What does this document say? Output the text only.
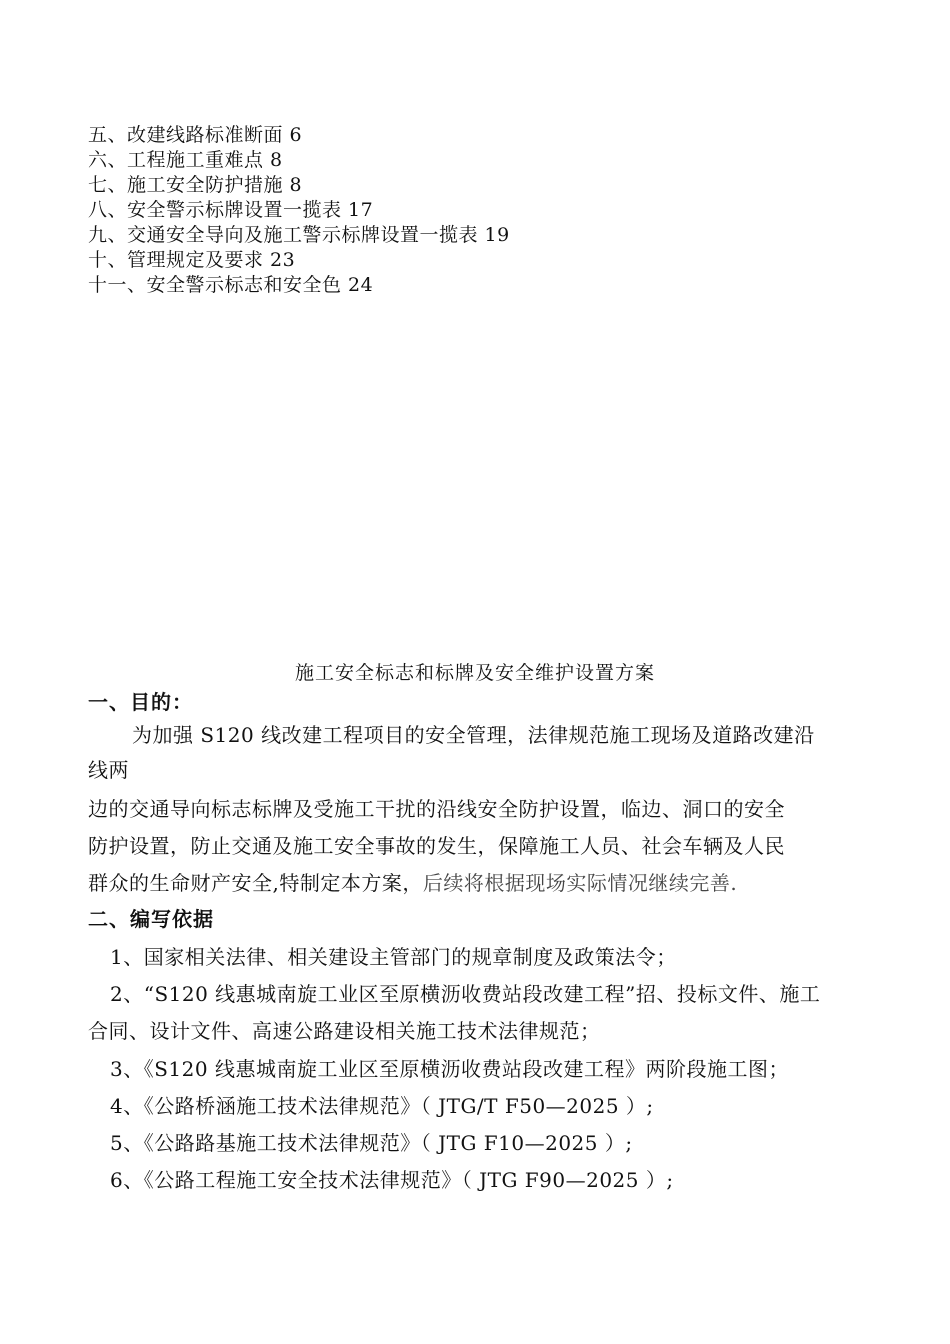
五、改建线路标准断面 6
六、工程施工重难点 8
七、施工安全防护措施 8
八、安全警示标牌设置一揽表 17
九、交通安全导向及施工警示标牌设置一揽表 19
十、管理规定及要求 23
十一、安全警示标志和安全色 24
施工安全标志和标牌及安全维护设置方案
一、目的：
为加强 S120 线改建工程项目的安全管理，法律规范施工现场及道路改建沿
线两
边的交通导向标志标牌及受施工干扰的沿线安全防护设置，临边、洞口的安全
防护设置，防止交通及施工安全事故的发生，保障施工人员、社会车辆及人民
群众的生命财产安全,特制定本方案，后续将根据现场实际情况继续完善.
二、编写依据
1、国家相关法律、相关建设主管部门的规章制度及政策法令；
2、“S120 线惠城南旋工业区至原横沥收费站段改建工程”招、投标文件、施工
合同、设计文件、高速公路建设相关施工技术法律规范；
3、《S120 线惠城南旋工业区至原横沥收费站段改建工程》两阶段施工图；
4、《公路桥涵施工技术法律规范》（ JTG/T F50—2025 ）;
5、《公路路基施工技术法律规范》（ JTG F10—2025 ）;
6、《公路工程施工安全技术法律规范》（ JTG F90—2025 ）;
